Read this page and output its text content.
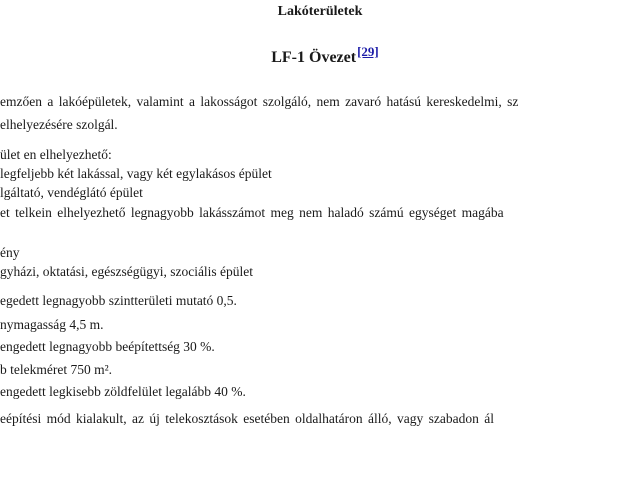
Lakóterületek
LF-1 Övezet[29]
emzően a lakóépületek, valamint a lakosságot szolgáló, nem zavaró hatású kereskedelmi, sz
elhelyezésére szolgál.
ület en elhelyezhető:
legfeljebb két lakással, vagy két egylakásos épület
lgáltató, vendéglátó épület
et telkein elhelyezhető legnagyobb lakásszámot meg nem haladó számú egységet magába
ény
gyházi, oktatási, egészségügyi, szociális épület
egedett legnagyobb szintterületi mutató 0,5.
nymagasság 4,5 m.
engedett legnagyobb beépítettség 30 %.
b telekméret 750 m².
engedett legkisebb zöldfelület legalább 40 %.
eépítési mód kialakult, az új telekosztások esetében oldalhatáron álló, vagy szabadon ál
